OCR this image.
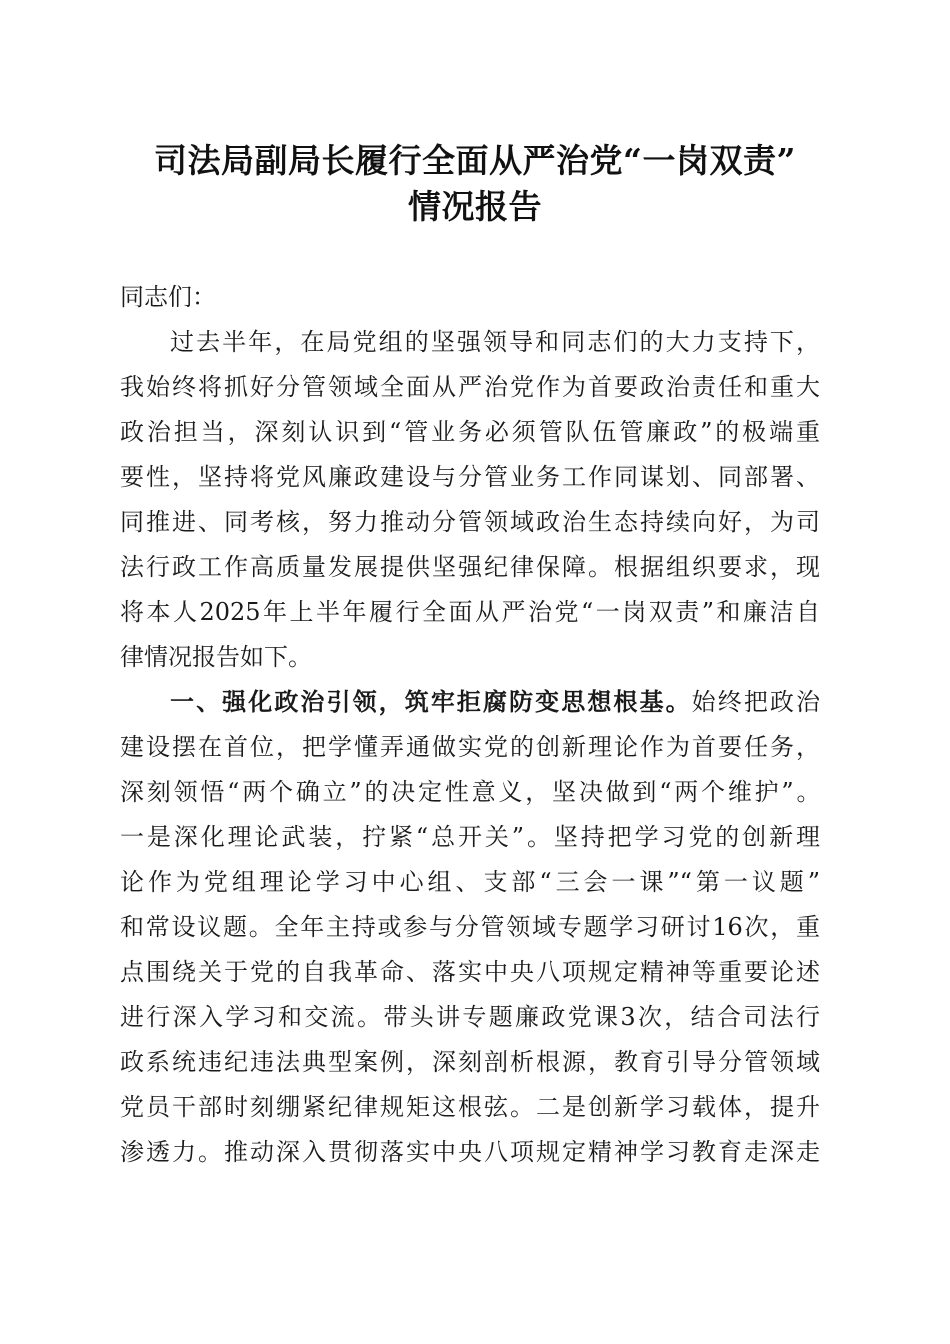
司法局副局长履行全面从严治党“一岗双责”
情况报告
同志们：
过去半年，在局党组的坚强领导和同志们的大力支持下，
我始终将抓好分管领域全面从严治党作为首要政治责任和重大
政治担当，深刻认识到“管业务必须管队伍管廉政”的极端重
要性，坚持将党风廉政建设与分管业务工作同谋划、同部署、
同推进、同考核，努力推动分管领域政治生态持续向好，为司
法行政工作高质量发展提供坚强纪律保障。根据组织要求，现
将本人2025年上半年履行全面从严治党“一岗双责”和廉洁自
律情况报告如下。
一、强化政治引领，筑牢拒腐防变思想根基。始终把政治
建设摆在首位，把学懂弄通做实党的创新理论作为首要任务，
深刻领悟“两个确立”的决定性意义，坚决做到“两个维护”。
一是深化理论武装，拧紧“总开关”。坚持把学习党的创新理
论作为党组理论学习中心组、支部“三会一课”“第一议题”
和常设议题。全年主持或参与分管领域专题学习研讨16次，重
点围绕关于党的自我革命、落实中央八项规定精神等重要论述
进行深入学习和交流。带头讲专题廉政党课3次，结合司法行
政系统违纪违法典型案例，深刻剖析根源，教育引导分管领域
党员干部时刻绷紧纪律规矩这根弦。二是创新学习载体，提升
渗透力。推动深入贯彻落实中央八项规定精神学习教育走深走
